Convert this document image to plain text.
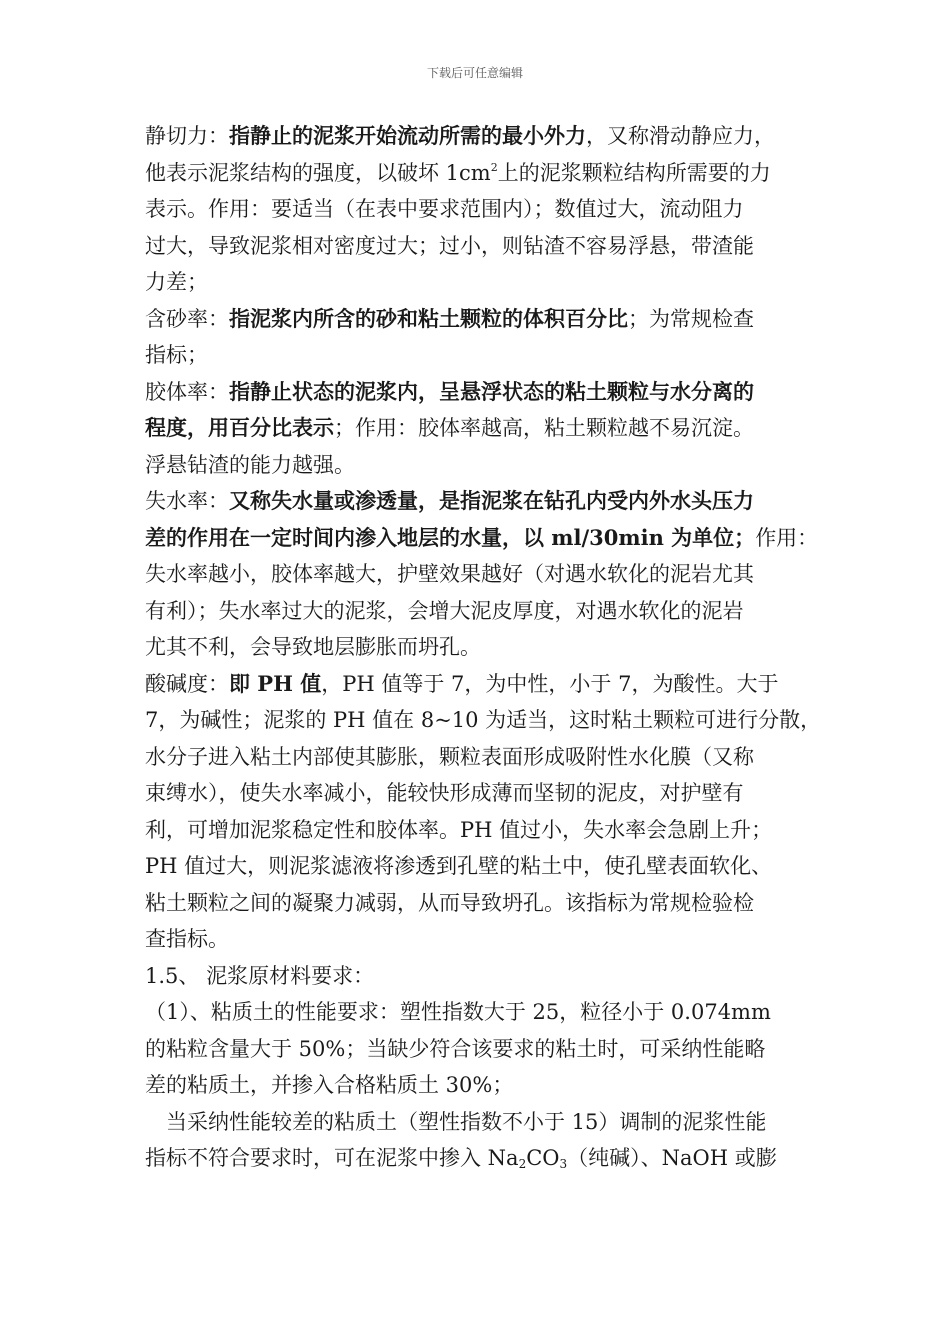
下载后可任意编辑
静切力：指静止的泥浆开始流动所需的最小外力，又称滑动静应力，
他表示泥浆结构的强度，以破坏 $1cm^2$上的泥浆颗粒结构所需要的力
表示。作用：要适当（在表中要求范围内）；数值过大，流动阻力
过大，导致泥浆相对密度过大；过小，则钻渣不容易浮悬，带渣能
力差；
含砂率：指泥浆内所含的砂和粘土颗粒的体积百分比；为常规检查
指标；
胶体率：指静止状态的泥浆内，呈悬浮状态的粘土颗粒与水分离的
程度，用百分比表示；作用：胶体率越高，粘土颗粒越不易沉淀。
浮悬钻渣的能力越强。
失水率：又称失水量或渗透量，是指泥浆在钻孔内受内外水头压力
差的作用在一定时间内渗入地层的水量，以 ml/30min 为单位；作用：
失水率越小，胶体率越大，护壁效果越好（对遇水软化的泥岩尤其
有利）；失水率过大的泥浆，会增大泥皮厚度，对遇水软化的泥岩
尤其不利，会导致地层膨胀而坍孔。
酸碱度：即 PH 值，PH 值等于 7，为中性，小于 7，为酸性。大于
7，为碱性；泥浆的 PH 值在 8~10 为适当，这时粘土颗粒可进行分散，
水分子进入粘土内部使其膨胀，颗粒表面形成吸附性水化膜（又称
束缚水），使失水率减小，能较快形成薄而坚韧的泥皮，对护壁有
利，可增加泥浆稳定性和胶体率。PH 值过小，失水率会急剧上升；
PH 值过大，则泥浆滤液将渗透到孔壁的粘土中，使孔壁表面软化、
粘土颗粒之间的凝聚力减弱，从而导致坍孔。该指标为常规检验检
查指标。
1.5、 泥浆原材料要求：
（1）、粘质土的性能要求：塑性指数大于 25，粒径小于 0.074mm
的粘粒含量大于 50%；当缺少符合该要求的粘土时，可采纳性能略
差的粘质土，并掺入合格粘质土 30%；
　当采纳性能较差的粘质土（塑性指数不小于 15）调制的泥浆性能
指标不符合要求时，可在泥浆中掺入 $Na_2CO_3$（纯碱）、NaOH 或膨
